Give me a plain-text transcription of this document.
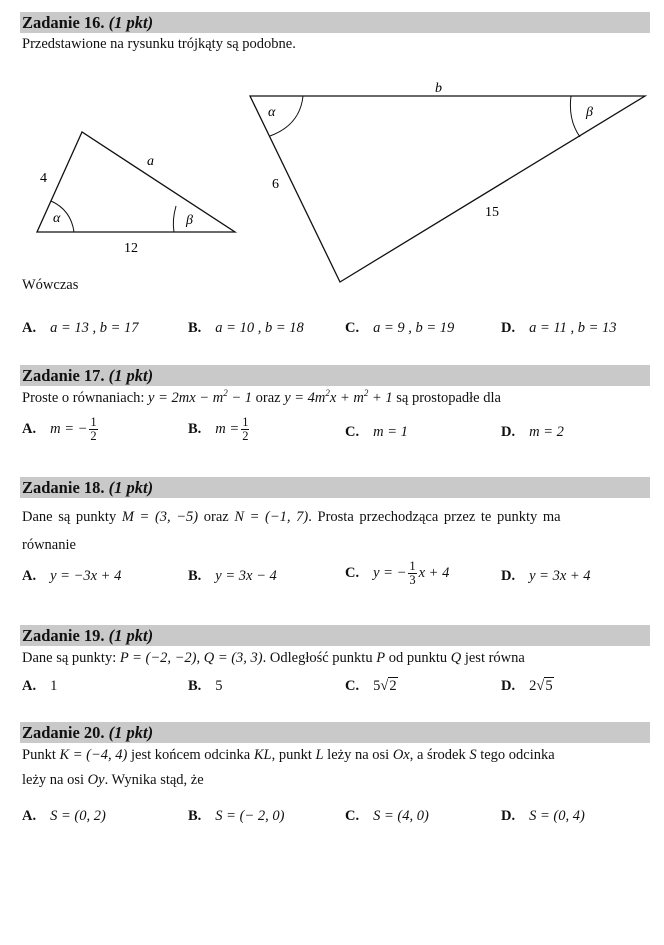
Zadanie 16. (1 pkt)
Przedstawione na rysunku trójkąty są podobne.
4
a
12
α	β
b
6
15
α	β
Wówczas
A. a = 13 , b = 17	B. a = 10 , b = 18	C. a = 9 , b = 19	D. a = 11 , b = 13
Zadanie 17. (1 pkt)
Proste o równaniach: $y = 2mx - m^2 - 1$ oraz $y = 4m^2x + m^2 + 1$ są prostopadłe dla
A. m = − $\frac{1}{2}$	B. $m = \frac{1}{2}$	C. m = 1	D. m = 2
Zadanie 18. (1 pkt)
Dane są punkty M = (3, −5) oraz N = (−1, 7). Prosta przechodząca przez te punkty ma
równanie
A. y = −3x + 4	B. y = 3x − 4	C. y = − $\frac{1}{3}$ x + 4	D. y = 3x + 4
Zadanie 19. (1 pkt)
Dane są punkty: P = (−2, −2), Q = (3, 3). Odległość punktu P od punktu Q jest równa
A. 1	B. 5	C. 5√2	D. 2√5
Zadanie 20. (1 pkt)
Punkt K = (−4, 4) jest końcem odcinka KL, punkt L leży na osi Ox, a środek S tego odcinka
leży na osi Oy. Wynika stąd, że
A. S = (0, 2)	B. S = (− 2, 0)	C. S = (4, 0)	D. S = (0, 4)
